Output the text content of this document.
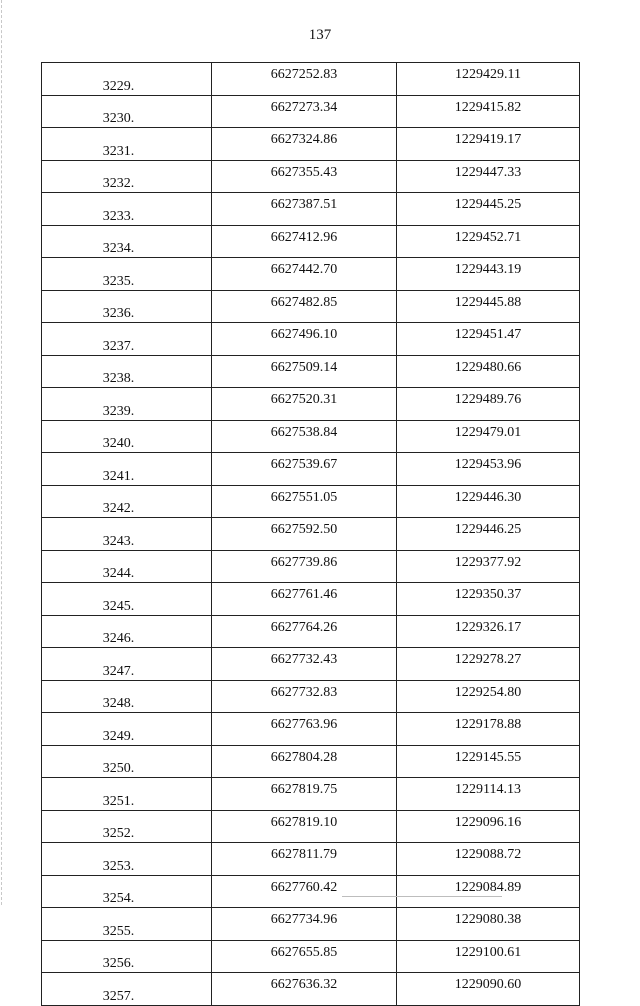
137
3229.	6627252.83	1229429.11
3230.	6627273.34	1229415.82
3231.	6627324.86	1229419.17
3232.	6627355.43	1229447.33
3233.	6627387.51	1229445.25
3234.	6627412.96	1229452.71
3235.	6627442.70	1229443.19
3236.	6627482.85	1229445.88
3237.	6627496.10	1229451.47
3238.	6627509.14	1229480.66
3239.	6627520.31	1229489.76
3240.	6627538.84	1229479.01
3241.	6627539.67	1229453.96
3242.	6627551.05	1229446.30
3243.	6627592.50	1229446.25
3244.	6627739.86	1229377.92
3245.	6627761.46	1229350.37
3246.	6627764.26	1229326.17
3247.	6627732.43	1229278.27
3248.	6627732.83	1229254.80
3249.	6627763.96	1229178.88
3250.	6627804.28	1229145.55
3251.	6627819.75	1229114.13
3252.	6627819.10	1229096.16
3253.	6627811.79	1229088.72
3254.	6627760.42	1229084.89
3255.	6627734.96	1229080.38
3256.	6627655.85	1229100.61
3257.	6627636.32	1229090.60
